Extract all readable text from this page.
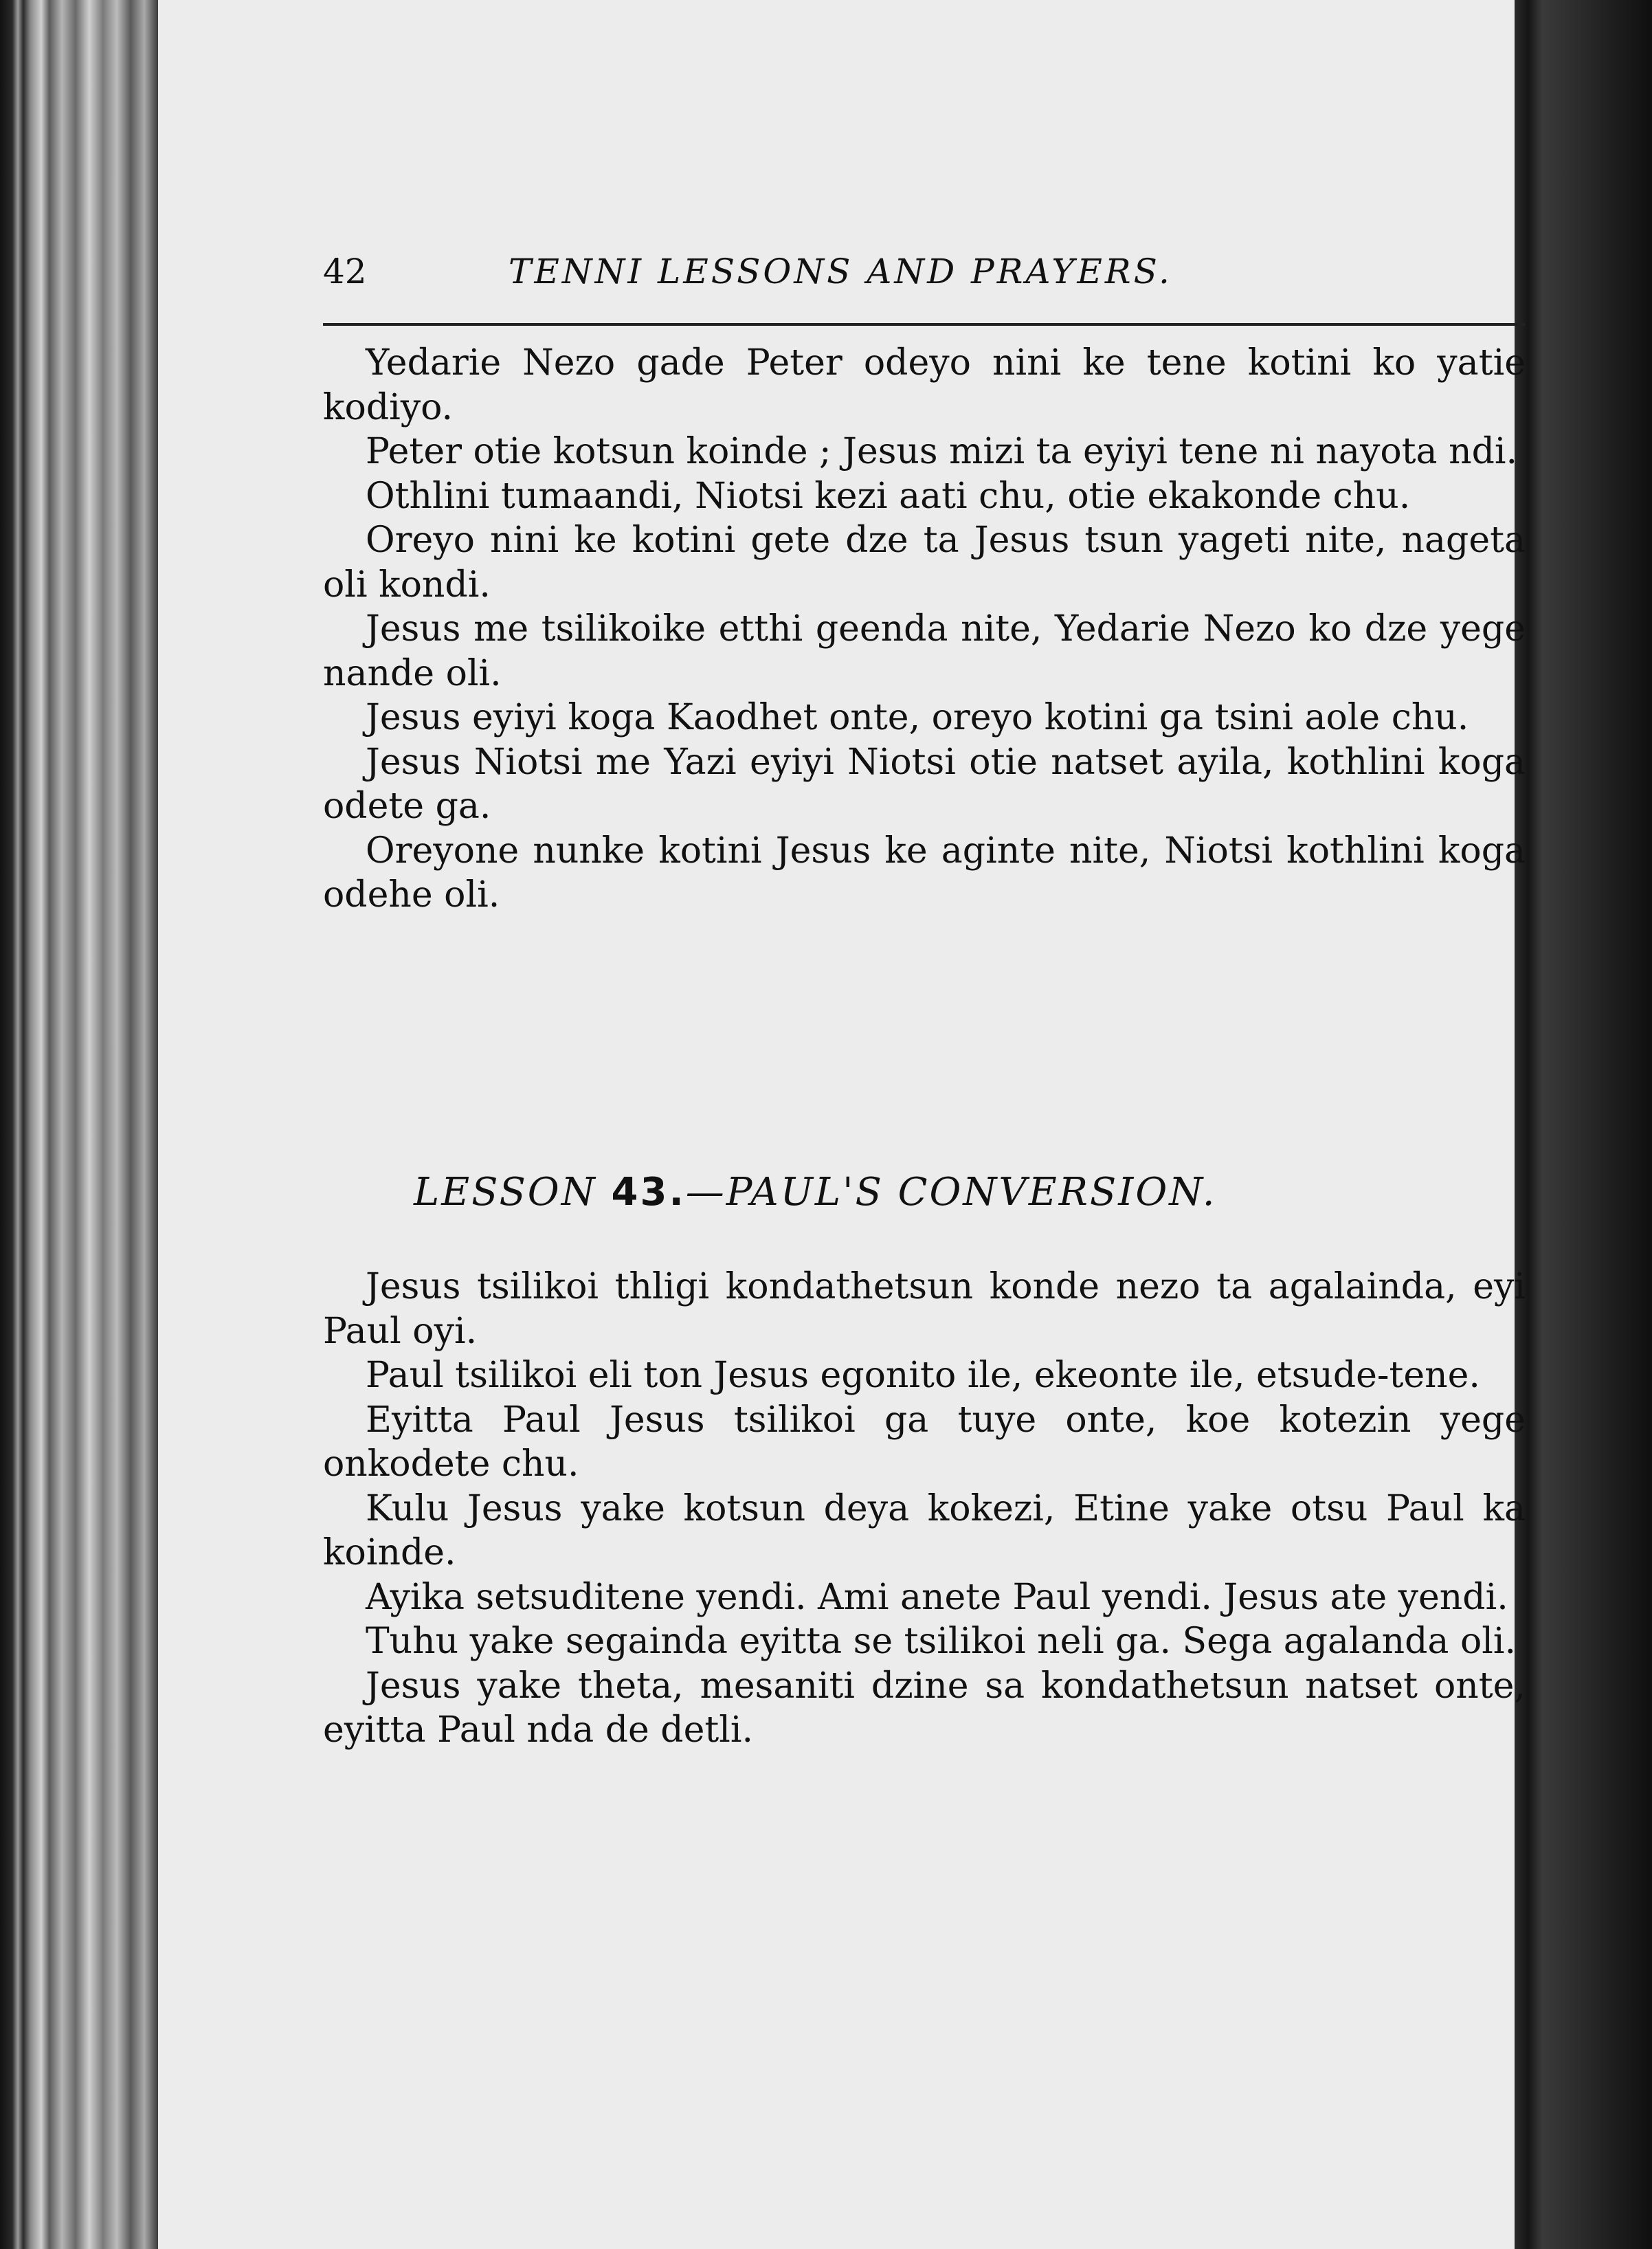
42	TENNI LESSONS AND PRAYERS.

Yedarie Nezo gade Peter odeyo nini ke tene kotini ko yatie kodiyo.

Peter otie kotsun koinde ; Jesus mizi ta eyiyi tene ni nayota ndi.

Othlini tumaandi, Niotsi kezi aati chu, otie ekakonde chu.

Oreyo nini ke kotini gete dze ta Jesus tsun yageti nite, nageta oli kondi.

Jesus me tsilikoike etthi geenda nite, Yedarie Nezo ko dze yege nande oli.

Jesus eyiyi koga Kaodhet onte, oreyo kotini ga tsini aole chu.

Jesus Niotsi me Yazi eyiyi Niotsi otie natset ayila, kothlini koga odete ga.

Oreyone nunke kotini Jesus ke aginte nite, Niotsi kothlini koga odehe oli.

LESSON 43.—PAUL'S CONVERSION.

Jesus tsilikoi thligi kondathetsun konde nezo ta agalainda, eyi Paul oyi.

Paul tsilikoi eli ton Jesus egonito ile, ekeonte ile, etsude-tene.

Eyitta Paul Jesus tsilikoi ga tuye onte, koe kotezin yege onkodete chu.

Kulu Jesus yake kotsun deya kokezi, Etine yake otsu Paul ka koinde.

Ayika setsuditene yendi. Ami anete Paul yendi. Jesus ate yendi.

Tuhu yake segainda eyitta se tsilikoi neli ga. Sega agalanda oli.

Jesus yake theta, mesaniti dzine sa kondathetsun natset onte, eyitta Paul nda de detli.
